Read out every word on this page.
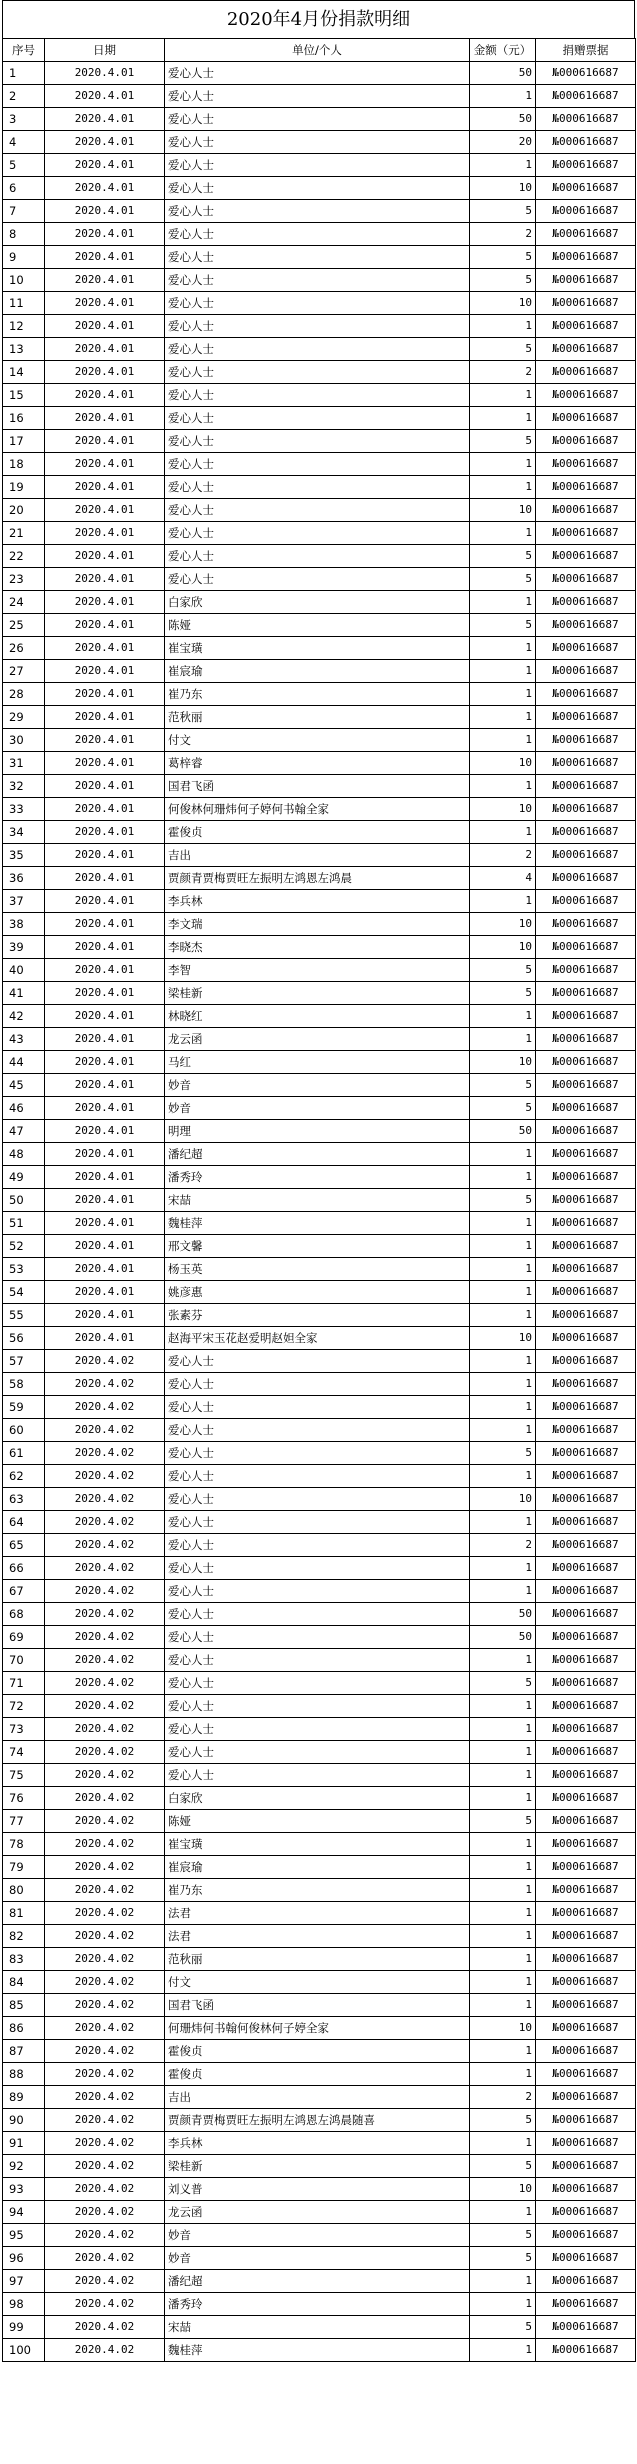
2020年4月份捐款明细
序号	日期	单位/个人	金额（元）	捐赠票据
1	2020.4.01	爱心人士	50	№000616687
2	2020.4.01	爱心人士	1	№000616687
3	2020.4.01	爱心人士	50	№000616687
4	2020.4.01	爱心人士	20	№000616687
5	2020.4.01	爱心人士	1	№000616687
6	2020.4.01	爱心人士	10	№000616687
7	2020.4.01	爱心人士	5	№000616687
8	2020.4.01	爱心人士	2	№000616687
9	2020.4.01	爱心人士	5	№000616687
10	2020.4.01	爱心人士	5	№000616687
11	2020.4.01	爱心人士	10	№000616687
12	2020.4.01	爱心人士	1	№000616687
13	2020.4.01	爱心人士	5	№000616687
14	2020.4.01	爱心人士	2	№000616687
15	2020.4.01	爱心人士	1	№000616687
16	2020.4.01	爱心人士	1	№000616687
17	2020.4.01	爱心人士	5	№000616687
18	2020.4.01	爱心人士	1	№000616687
19	2020.4.01	爱心人士	1	№000616687
20	2020.4.01	爱心人士	10	№000616687
21	2020.4.01	爱心人士	1	№000616687
22	2020.4.01	爱心人士	5	№000616687
23	2020.4.01	爱心人士	5	№000616687
24	2020.4.01	白家欣	1	№000616687
25	2020.4.01	陈娅	5	№000616687
26	2020.4.01	崔宝璜	1	№000616687
27	2020.4.01	崔宸瑜	1	№000616687
28	2020.4.01	崔乃东	1	№000616687
29	2020.4.01	范秋丽	1	№000616687
30	2020.4.01	付文	1	№000616687
31	2020.4.01	葛梓睿	10	№000616687
32	2020.4.01	国君飞函	1	№000616687
33	2020.4.01	何俊林何珊炜何子婷何书翰全家	10	№000616687
34	2020.4.01	霍俊贞	1	№000616687
35	2020.4.01	吉出	2	№000616687
36	2020.4.01	贾颜青贾梅贾旺左振明左鸿恩左鸿晨	4	№000616687
37	2020.4.01	李兵林	1	№000616687
38	2020.4.01	李文瑞	10	№000616687
39	2020.4.01	李晓杰	10	№000616687
40	2020.4.01	李智	5	№000616687
41	2020.4.01	梁桂新	5	№000616687
42	2020.4.01	林晓红	1	№000616687
43	2020.4.01	龙云函	1	№000616687
44	2020.4.01	马红	10	№000616687
45	2020.4.01	妙音	5	№000616687
46	2020.4.01	妙音	5	№000616687
47	2020.4.01	明理	50	№000616687
48	2020.4.01	潘纪超	1	№000616687
49	2020.4.01	潘秀玲	1	№000616687
50	2020.4.01	宋喆	5	№000616687
51	2020.4.01	魏桂萍	1	№000616687
52	2020.4.01	邢文馨	1	№000616687
53	2020.4.01	杨玉英	1	№000616687
54	2020.4.01	姚彦惠	1	№000616687
55	2020.4.01	张素芬	1	№000616687
56	2020.4.01	赵海平宋玉花赵爱明赵妲全家	10	№000616687
57	2020.4.02	爱心人士	1	№000616687
58	2020.4.02	爱心人士	1	№000616687
59	2020.4.02	爱心人士	1	№000616687
60	2020.4.02	爱心人士	1	№000616687
61	2020.4.02	爱心人士	5	№000616687
62	2020.4.02	爱心人士	1	№000616687
63	2020.4.02	爱心人士	10	№000616687
64	2020.4.02	爱心人士	1	№000616687
65	2020.4.02	爱心人士	2	№000616687
66	2020.4.02	爱心人士	1	№000616687
67	2020.4.02	爱心人士	1	№000616687
68	2020.4.02	爱心人士	50	№000616687
69	2020.4.02	爱心人士	50	№000616687
70	2020.4.02	爱心人士	1	№000616687
71	2020.4.02	爱心人士	5	№000616687
72	2020.4.02	爱心人士	1	№000616687
73	2020.4.02	爱心人士	1	№000616687
74	2020.4.02	爱心人士	1	№000616687
75	2020.4.02	爱心人士	1	№000616687
76	2020.4.02	白家欣	1	№000616687
77	2020.4.02	陈娅	5	№000616687
78	2020.4.02	崔宝璜	1	№000616687
79	2020.4.02	崔宸瑜	1	№000616687
80	2020.4.02	崔乃东	1	№000616687
81	2020.4.02	法君	1	№000616687
82	2020.4.02	法君	1	№000616687
83	2020.4.02	范秋丽	1	№000616687
84	2020.4.02	付文	1	№000616687
85	2020.4.02	国君飞函	1	№000616687
86	2020.4.02	何珊炜何书翰何俊林何子婷全家	10	№000616687
87	2020.4.02	霍俊贞	1	№000616687
88	2020.4.02	霍俊贞	1	№000616687
89	2020.4.02	吉出	2	№000616687
90	2020.4.02	贾颜青贾梅贾旺左振明左鸿恩左鸿晨随喜	5	№000616687
91	2020.4.02	李兵林	1	№000616687
92	2020.4.02	梁桂新	5	№000616687
93	2020.4.02	刘义普	10	№000616687
94	2020.4.02	龙云函	1	№000616687
95	2020.4.02	妙音	5	№000616687
96	2020.4.02	妙音	5	№000616687
97	2020.4.02	潘纪超	1	№000616687
98	2020.4.02	潘秀玲	1	№000616687
99	2020.4.02	宋喆	5	№000616687
100	2020.4.02	魏桂萍	1	№000616687
